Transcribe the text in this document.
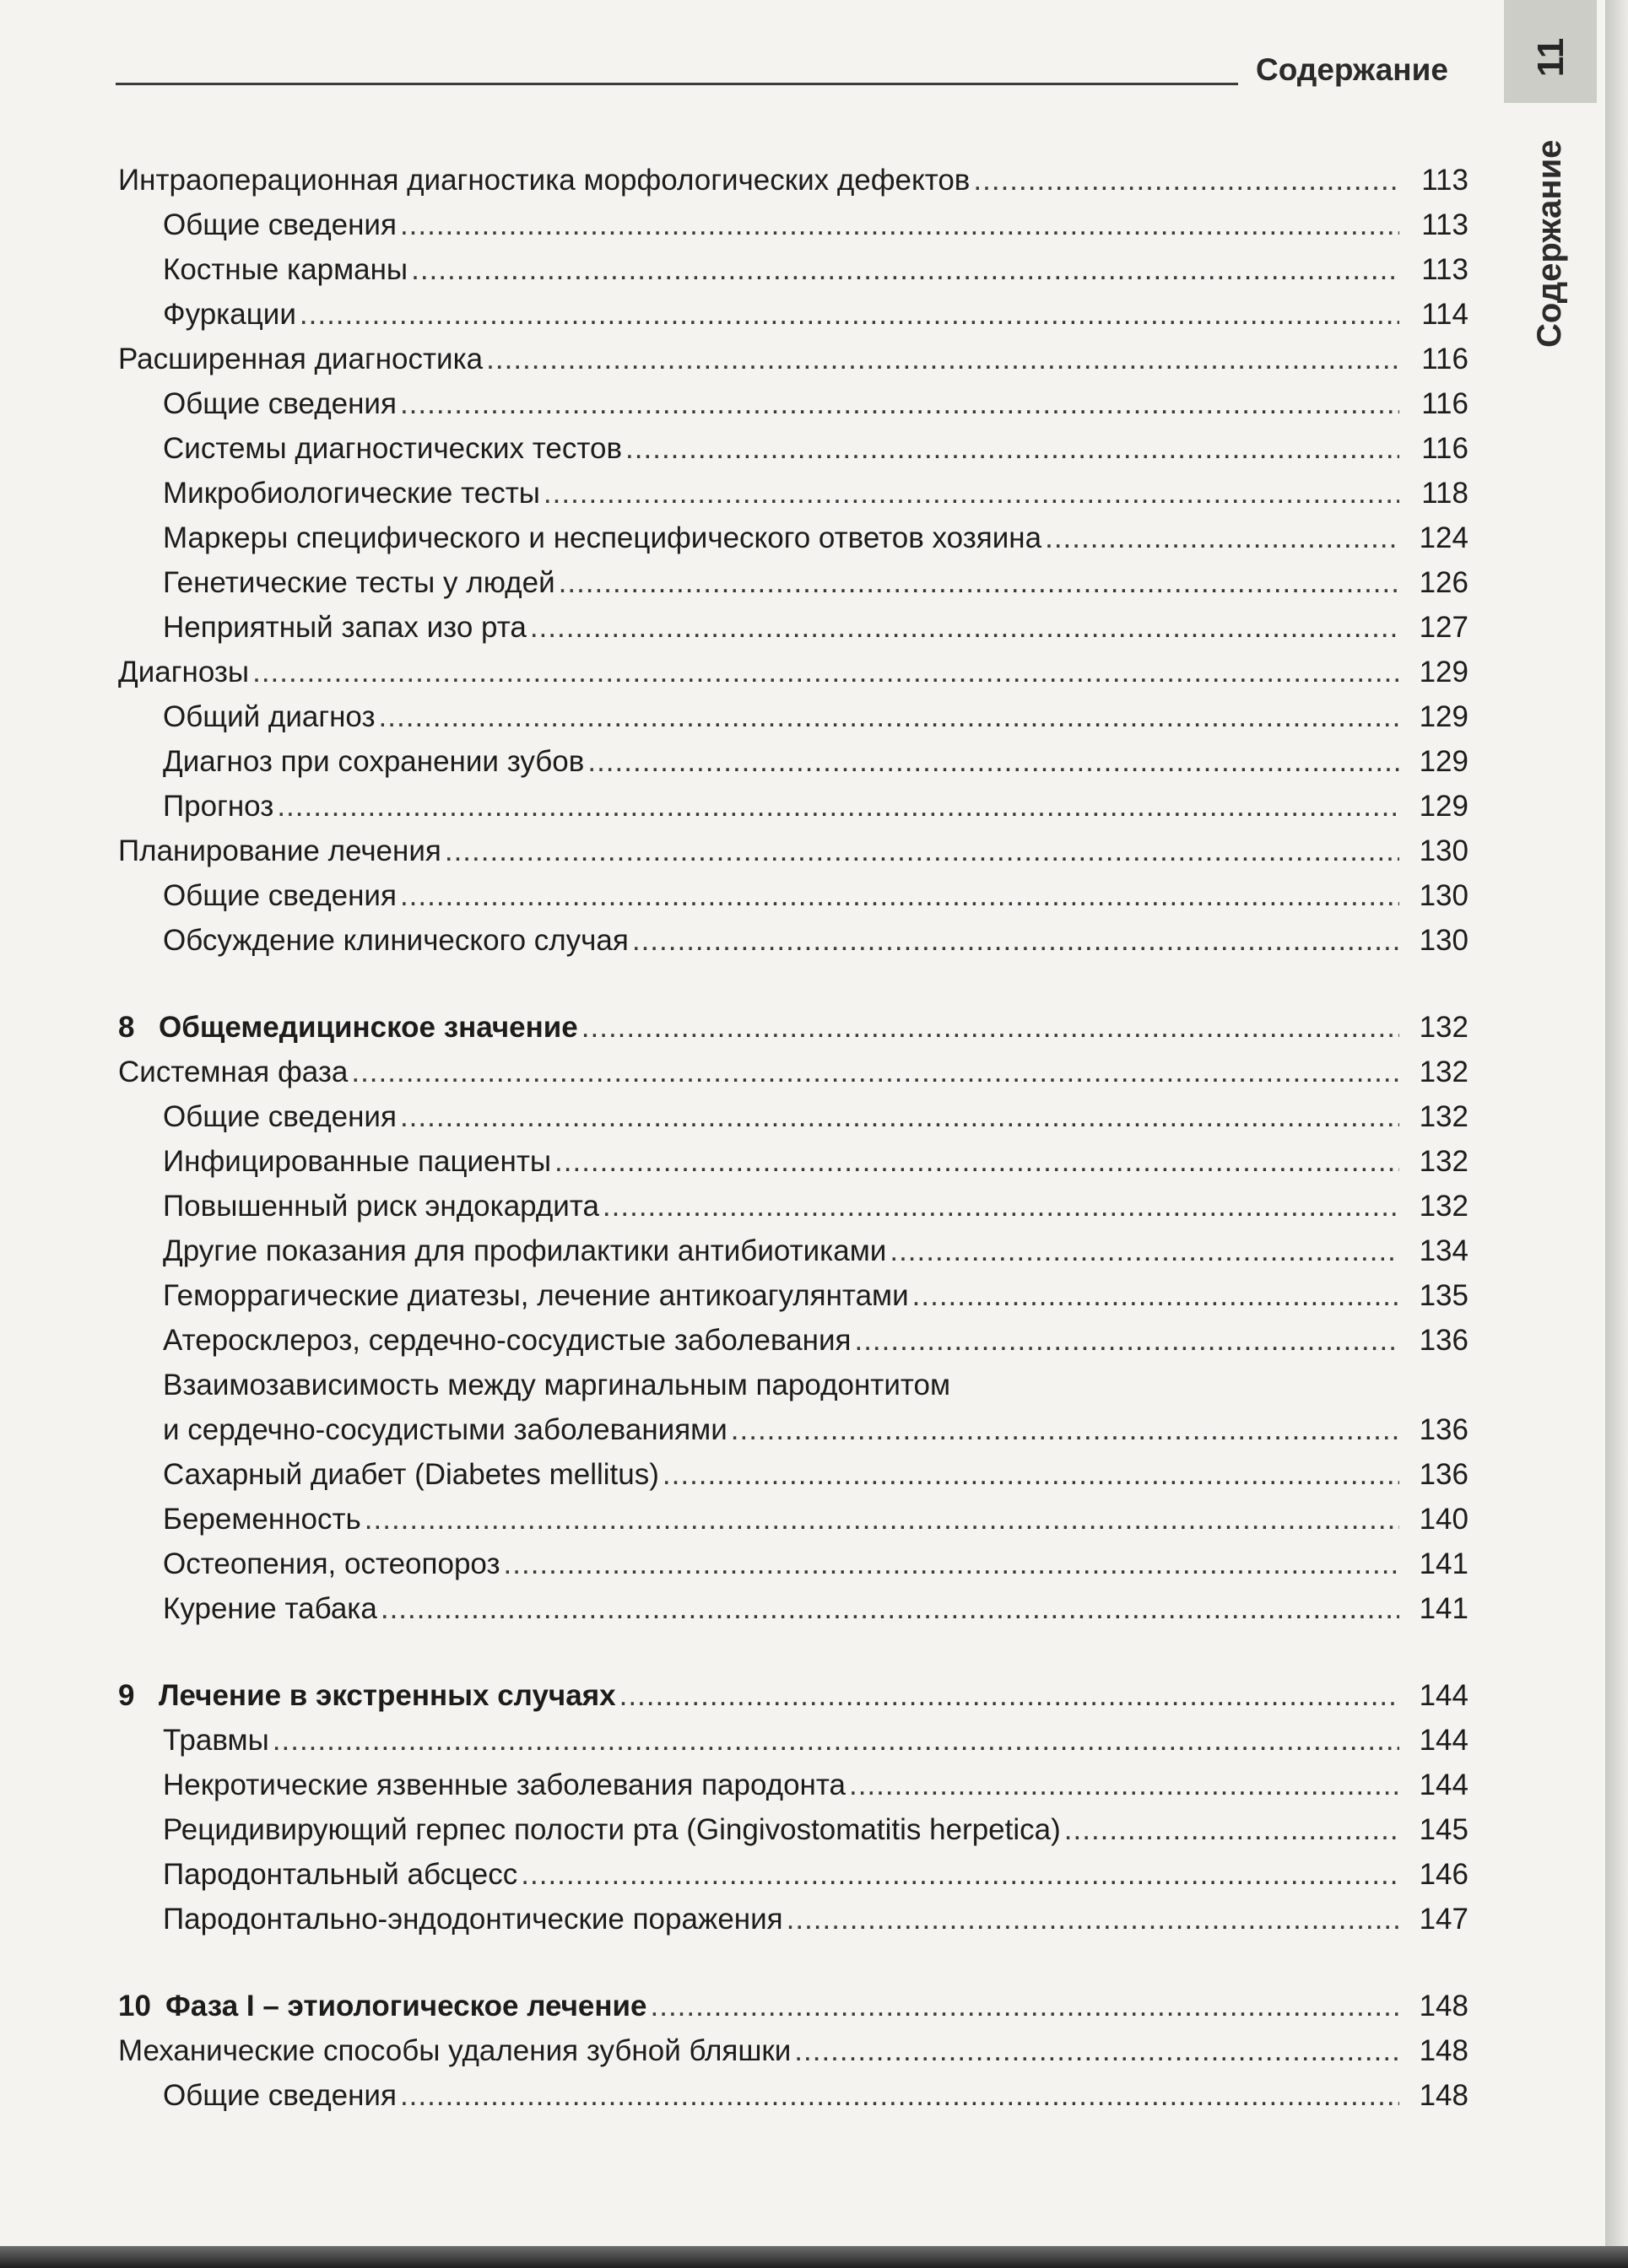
Содержание 11
Содержание
Интраоперационная диагностика морфологических дефектов .....	113
Общие сведения .....	113
Костные карманы .....	113
Фуркации .....	114
Расширенная диагностика .....	116
Общие сведения .....	116
Системы диагностических тестов .....	116
Микробиологические тесты .....	118
Маркеры специфического и неспецифического ответов хозяина .....	124
Генетические тесты у людей .....	126
Неприятный запах изо рта .....	127
Диагнозы .....	129
Общий диагноз .....	129
Диагноз при сохранении зубов .....	129
Прогноз .....	129
Планирование лечения .....	130
Общие сведения .....	130
Обсуждение клинического случая .....	130
8 Общемедицинское значение .....	132
Системная фаза .....	132
Общие сведения .....	132
Инфицированные пациенты .....	132
Повышенный риск эндокардита .....	132
Другие показания для профилактики антибиотиками .....	134
Геморрагические диатезы, лечение антикоагулянтами .....	135
Атеросклероз, сердечно-сосудистые заболевания .....	136
Взаимозависимость между маргинальным пародонтитом
и сердечно-сосудистыми заболеваниями .....	136
Сахарный диабет (Diabetes mellitus) .....	136
Беременность .....	140
Остеопения, остеопороз .....	141
Курение табака .....	141
9 Лечение в экстренных случаях .....	144
Травмы .....	144
Некротические язвенные заболевания пародонта .....	144
Рецидивирующий герпес полости рта (Gingivostomatitis herpetica) .....	145
Пародонтальный абсцесс .....	146
Пародонтально-эндодонтические поражения .....	147
10 Фаза I – этиологическое лечение .....	148
Механические способы удаления зубной бляшки .....	148
Общие сведения .....	148
